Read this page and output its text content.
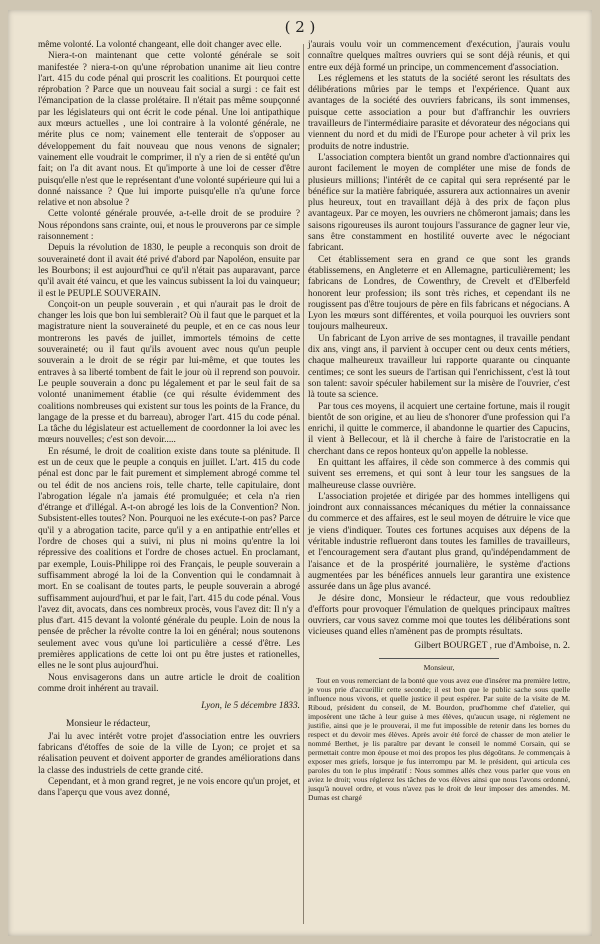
( 2 )

même volonté. La volonté changeant, elle doit changer avec elle.

Niera-t-on maintenant que cette volonté générale se soit manifestée ? niera-t-on qu'une réprobation unanime ait lieu contre l'art. 415 du code pénal qui proscrit les coalitions. Et pourquoi cette réprobation ? Parce que un nouveau fait social a surgi : ce fait est l'émancipation de la classe prolétaire. Il n'était pas même soupçonné par les législateurs qui ont écrit le code pénal. Une loi antipathique aux mœurs actuelles , une loi contraire à la volonté générale, ne mérite plus ce nom; vainement elle tenterait de s'opposer au développement du fait nouveau que nous venons de signaler; vainement elle voudrait le comprimer, il n'y a rien de si entêté qu'un fait; on l'a dit avant nous. Et qu'importe à une loi de cesser d'être puisqu'elle n'est que le représentant d'une volonté supérieure qui lui a donné naissance ? Que lui importe puisqu'elle n'a qu'une force relative et non absolue ?

Cette volonté générale prouvée, a-t-elle droit de se produire ? Nous répondons sans crainte, oui, et nous le prouverons par ce simple raisonnement :

Depuis la révolution de 1830, le peuple a reconquis son droit de souveraineté dont il avait été privé d'abord par Napoléon, ensuite par les Bourbons; il est aujourd'hui ce qu'il n'était pas auparavant, parce qu'il avait été vaincu, et que les vaincus subissent la loi du vainqueur; il est le PEUPLE SOUVERAIN.

Conçoit-on un peuple souverain , et qui n'aurait pas le droit de changer les lois que bon lui semblerait? Où il faut que le parquet et la magistrature nient la souveraineté du peuple, et en ce cas nous leur montrerons les pavés de juillet, immortels témoins de cette souveraineté; ou il faut qu'ils avouent avec nous qu'un peuple souverain a le droit de se régir par lui-même, et que toutes les entraves à sa liberté tombent de fait le jour où il reprend son pouvoir. Le peuple souverain a donc pu légalement et par le seul fait de sa volonté unanimement établie (ce qui résulte évidemment des coalitions nombreuses qui existent sur tous les points de la France, du langage de la presse et du barreau), abroger l'art. 415 du code pénal. La tâche du législateur est actuellement de coordonner la loi avec les mœurs nouvelles; c'est son devoir.....

En résumé, le droit de coalition existe dans toute sa plénitude. Il est un de ceux que le peuple a conquis en juillet. L'art. 415 du code pénal est donc par le fait purement et simplement abrogé comme tel ou tel édit de nos anciens rois, telle charte, telle capitulaire, dont l'abrogation légale n'a jamais été promulguée; et cela n'a rien d'étrange et d'illégal. A-t-on abrogé les lois de la Convention? Non. Subsistent-elles toutes? Non. Pourquoi ne les exécute-t-on pas? Parce qu'il y a abrogation tacite, parce qu'il y a en antipathie entr'elles et l'ordre de choses qui a suivi, ni plus ni moins qu'entre la loi répressive des coalitions et l'ordre de choses actuel. En proclamant, par exemple, Louis-Philippe roi des Français, le peuple souverain a suffisamment abrogé la loi de la Convention qui le condamnait à mort. En se coalisant de toutes parts, le peuple souverain a abrogé suffisamment aujourd'hui, et par le fait, l'art. 415 du code pénal. Vous l'avez dit, avocats, dans ces nombreux procès, vous l'avez dit: Il n'y a plus d'art. 415 devant la volonté générale du peuple. Loin de nous la pensée de prêcher la révolte contre la loi en général; nous soutenons seulement avec vous qu'une loi particulière a cessé d'être. Les premières applications de cette loi ont pu être justes et rationelles, elles ne le sont plus aujourd'hui.

Nous envisagerons dans un autre article le droit de coalition comme droit inhérent au travail.

Lyon, le 5 décembre 1833.

Monsieur le rédacteur,

J'ai lu avec intérêt votre projet d'association entre les ouvriers fabricans d'étoffes de soie de la ville de Lyon; ce projet et sa réalisation peuvent et doivent apporter de grandes améliorations dans la classe des industriels de cette grande cité.

Cependant, et à mon grand regret, je ne vois encore qu'un projet, et dans l'aperçu que vous avez donné,

j'aurais voulu voir un commencement d'exécution, j'aurais voulu connaître quelques maîtres ouvriers qui se sont déjà réunis, et qui entre eux déjà formé un principe, un commencement d'association.

Les réglemens et les statuts de la société seront les résultats des délibérations mûries par le temps et l'expérience. Quant aux avantages de la société des ouvriers fabricans, ils sont immenses, puisque cette association a pour but d'affranchir les ouvriers travailleurs de l'intermédiaire parasite et dévorateur des négocians qui viennent du nord et du midi de l'Europe pour acheter à vil prix les produits de notre industrie.

L'association comptera bientôt un grand nombre d'actionnaires qui auront facilement le moyen de compléter une mise de fonds de plusieurs millions; l'intérêt de ce capital qui sera représenté par le bénéfice sur la matière fabriquée, assurera aux actionnaires un avenir plus heureux, tout en travaillant déjà à des prix de façon plus avantageux. Par ce moyen, les ouvriers ne chômeront jamais; dans les saisons rigoureuses ils auront toujours l'assurance de gagner leur vie, sans être constamment en hostilité ouverte avec le négociant fabricant.

Cet établissement sera en grand ce que sont les grands établissemens, en Angleterre et en Allemagne, particulièrement; les fabricans de Londres, de Cowenthry, de Crevelt et d'Elberfeld honorent leur profession; ils sont très riches, et cependant ils ne rougissent pas d'être toujours de père en fils fabricans et négocians. A Lyon les mœurs sont différentes, et voila pourquoi les ouvriers sont toujours malheureux.

Un fabricant de Lyon arrive de ses montagnes, il travaille pendant dix ans, vingt ans, il parvient à occuper cent ou deux cents métiers, chaque malheureux travailleur lui rapporte quarante ou cinquante centimes; ce sont les sueurs de l'artisan qui l'enrichissent, c'est là tout son talent: savoir spéculer habilement sur la misère de l'ouvrier, c'est là toute sa science.

Par tous ces moyens, il acquiert une certaine fortune, mais il rougit bientôt de son origine, et au lieu de s'honorer d'une profession qui l'a enrichi, il quitte le commerce, il abandonne le quartier des Capucins, il vient à Bellecour, et là il cherche à faire de l'aristocratie en la cherchant dans ce repos honteux qu'on appelle la noblesse.

En quittant les affaires, il cède son commerce à des commis qui suivent ses erremens, et qui sont à leur tour les sangsues de la malheureuse classe ouvrière.

L'association projetée et dirigée par des hommes intelligens qui joindront aux connaissances mécaniques du métier la connaissance du commerce et des affaires, est le seul moyen de détruire le vice que je viens d'indiquer. Toutes ces fortunes acquises aux dépens de la véritable industrie reflueront dans toutes les familles de travailleurs, et l'encouragement sera d'autant plus grand, qu'indépendamment de l'aisance et de la prospérité journalière, le système d'actions augmentées par les bénéfices annuels leur garantira une existence assurée dans un âge plus avancé.

Je désire donc, Monsieur le rédacteur, que vous redoubliez d'efforts pour provoquer l'émulation de quelques principaux maîtres ouvriers, car vous savez comme moi que toutes les délibérations sont vicieuses quand elles n'amènent pas de prompts résultats.

Gilbert BOURGET , rue d'Amboise, n. 2.

Monsieur,

Tout en vous remerciant de la bonté que vous avez eue d'insérer ma première lettre, je vous prie d'accueillir cette seconde; il est bon que le public sache sous quelle influence nous vivons, et quelle justice il peut espérer. Par suite de la visite de M. Riboud, président du conseil, de M. Bourdon, prud'homme chef d'atelier, qui imposèrent une tâche à leur guise à mes élèves, qu'aucun usage, ni réglement ne justifie, ainsi que je le prouverai, il me fut impossible de retenir dans les bornes du respect et du devoir mes élèves. Après avoir été forcé de chasser de mon atelier le nommé Berthet, je lis paraître par devant le conseil le nommé Corsain, qui se permettait contre mon épouse et moi des propos les plus dégoûtans. Je commençais à exposer mes griefs, lorsque je fus interrompu par M. le président, qui articula ces paroles du ton le plus impératif : Nous sommes allés chez vous parler que vous en aviez le droit; vous réglerez les tâches de vos élèves ainsi que nous l'avons ordonné, jusqu'à nouvel ordre, et vous n'avez pas le droit de leur imposer des amendes. M. Dumas est chargé
